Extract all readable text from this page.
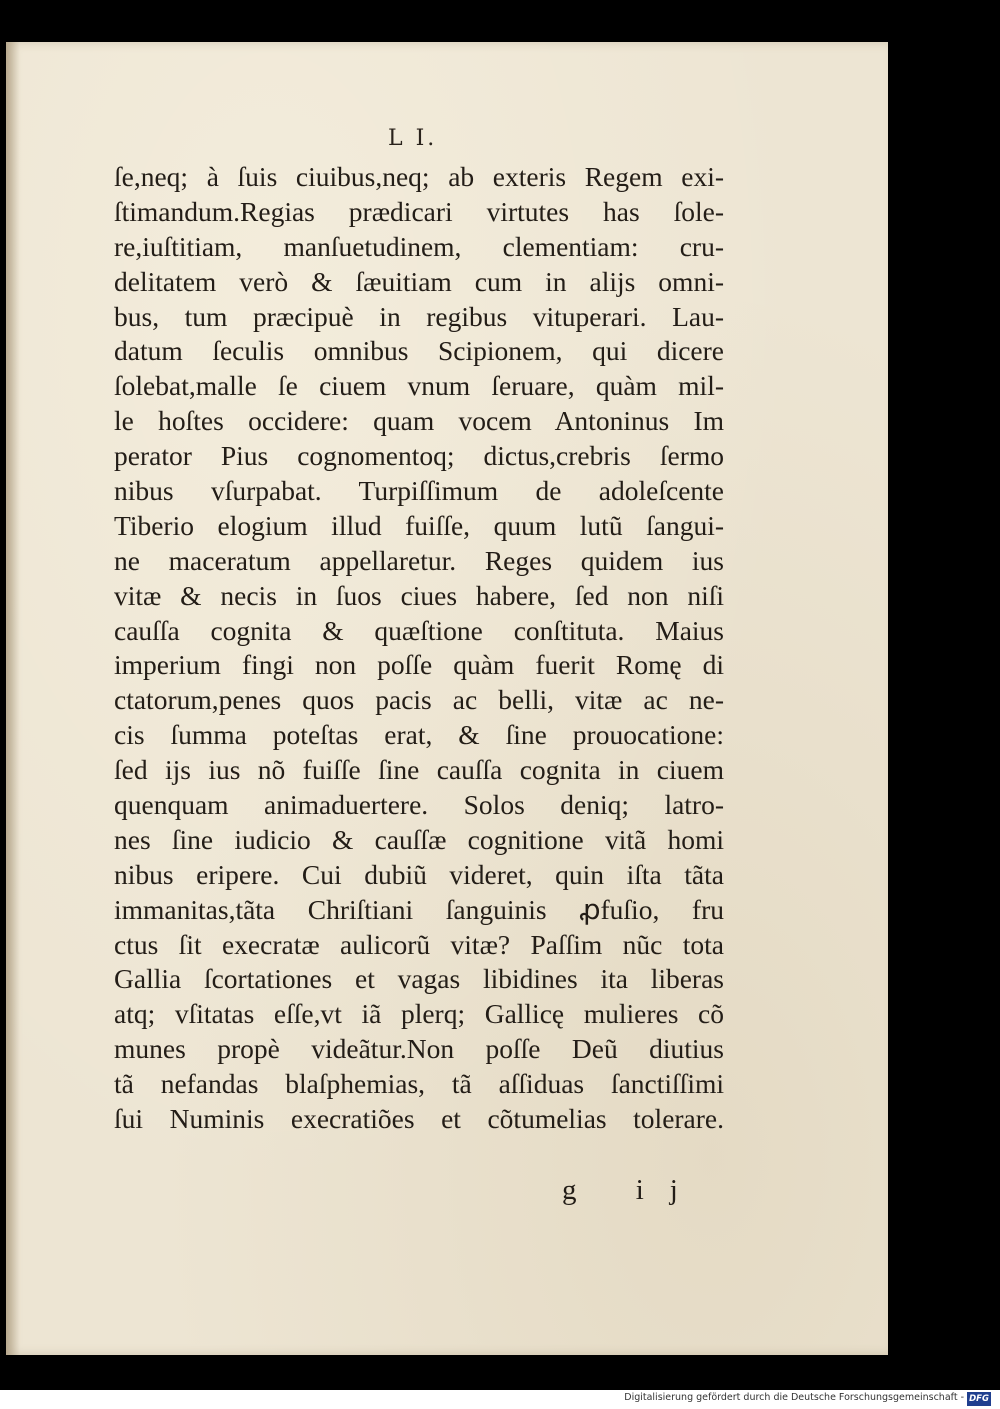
L I.
ſe,neq; à ſuis ciuibus,neq; ab exteris Regem exi-
ſtimandum.Regias prædicari virtutes has ſole-
re,iuſtitiam, manſuetudinem, clementiam: cru-
delitatem verò & ſæuitiam cum in alijs omni-
bus, tum præcipuè in regibus vituperari. Lau-
datum ſeculis omnibus Scipionem, qui dicere
ſolebat,malle ſe ciuem vnum ſeruare, quàm mil-
le hoſtes occidere: quam vocem Antoninus Im
perator Pius cognomentoq; dictus,crebris ſermo
nibus vſurpabat. Turpiſſimum de adoleſcente
Tiberio elogium illud fuiſſe, quum lutũ ſangui-
ne maceratum appellaretur. Reges quidem ius
vitæ & necis in ſuos ciues habere, ſed non niſi
cauſſa cognita & quæſtione conſtituta. Maius
imperium fingi non poſſe quàm fuerit Romę di
ctatorum,penes quos pacis ac belli, vitæ ac ne-
cis ſumma poteſtas erat, & ſine prouocatione:
ſed ijs ius nõ fuiſſe ſine cauſſa cognita in ciuem
quenquam animaduertere. Solos deniq; latro-
nes ſine iudicio & cauſſæ cognitione vitã homi
nibus eripere. Cui dubiũ videret, quin iſta tãta
immanitas,tãta Chriſtiani ſanguinis ꝓfuſio, fru
ctus ſit execratæ aulicorũ vitæ? Paſſim nũc tota
Gallia ſcortationes et vagas libidines ita liberas
atq; vſitatas eſſe,vt iã plerq; Gallicę mulieres cõ
munes propè videãtur.Non poſſe Deũ diutius
tã nefandas blaſphemias, tã aſſiduas ſanctiſſimi
ſui Numinis execratiões et cõtumelias tolerare.
g ij
Digitalisierung gefördert durch die Deutsche Forschungsgemeinschaft - DFG
